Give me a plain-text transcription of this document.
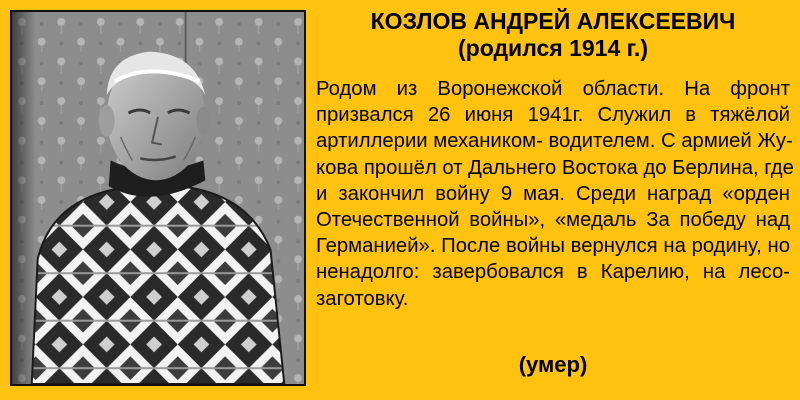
КОЗЛОВ АНДРЕЙ АЛЕКСЕЕВИЧ
(родился 1914 г.)
Родом из Воронежской области. На фронт
призвался 26 июня 1941г. Служил в тяжёлой
артиллерии механиком- водителем. С армией Жу-
кова прошёл от Дальнего Востока до Берлина, где
и закончил войну 9 мая. Среди наград «орден
Отечественной войны», «медаль За победу над
Германией». После войны вернулся на родину, но
ненадолго: завербовался в Карелию, на лесо-
заготовку.
(умер)
